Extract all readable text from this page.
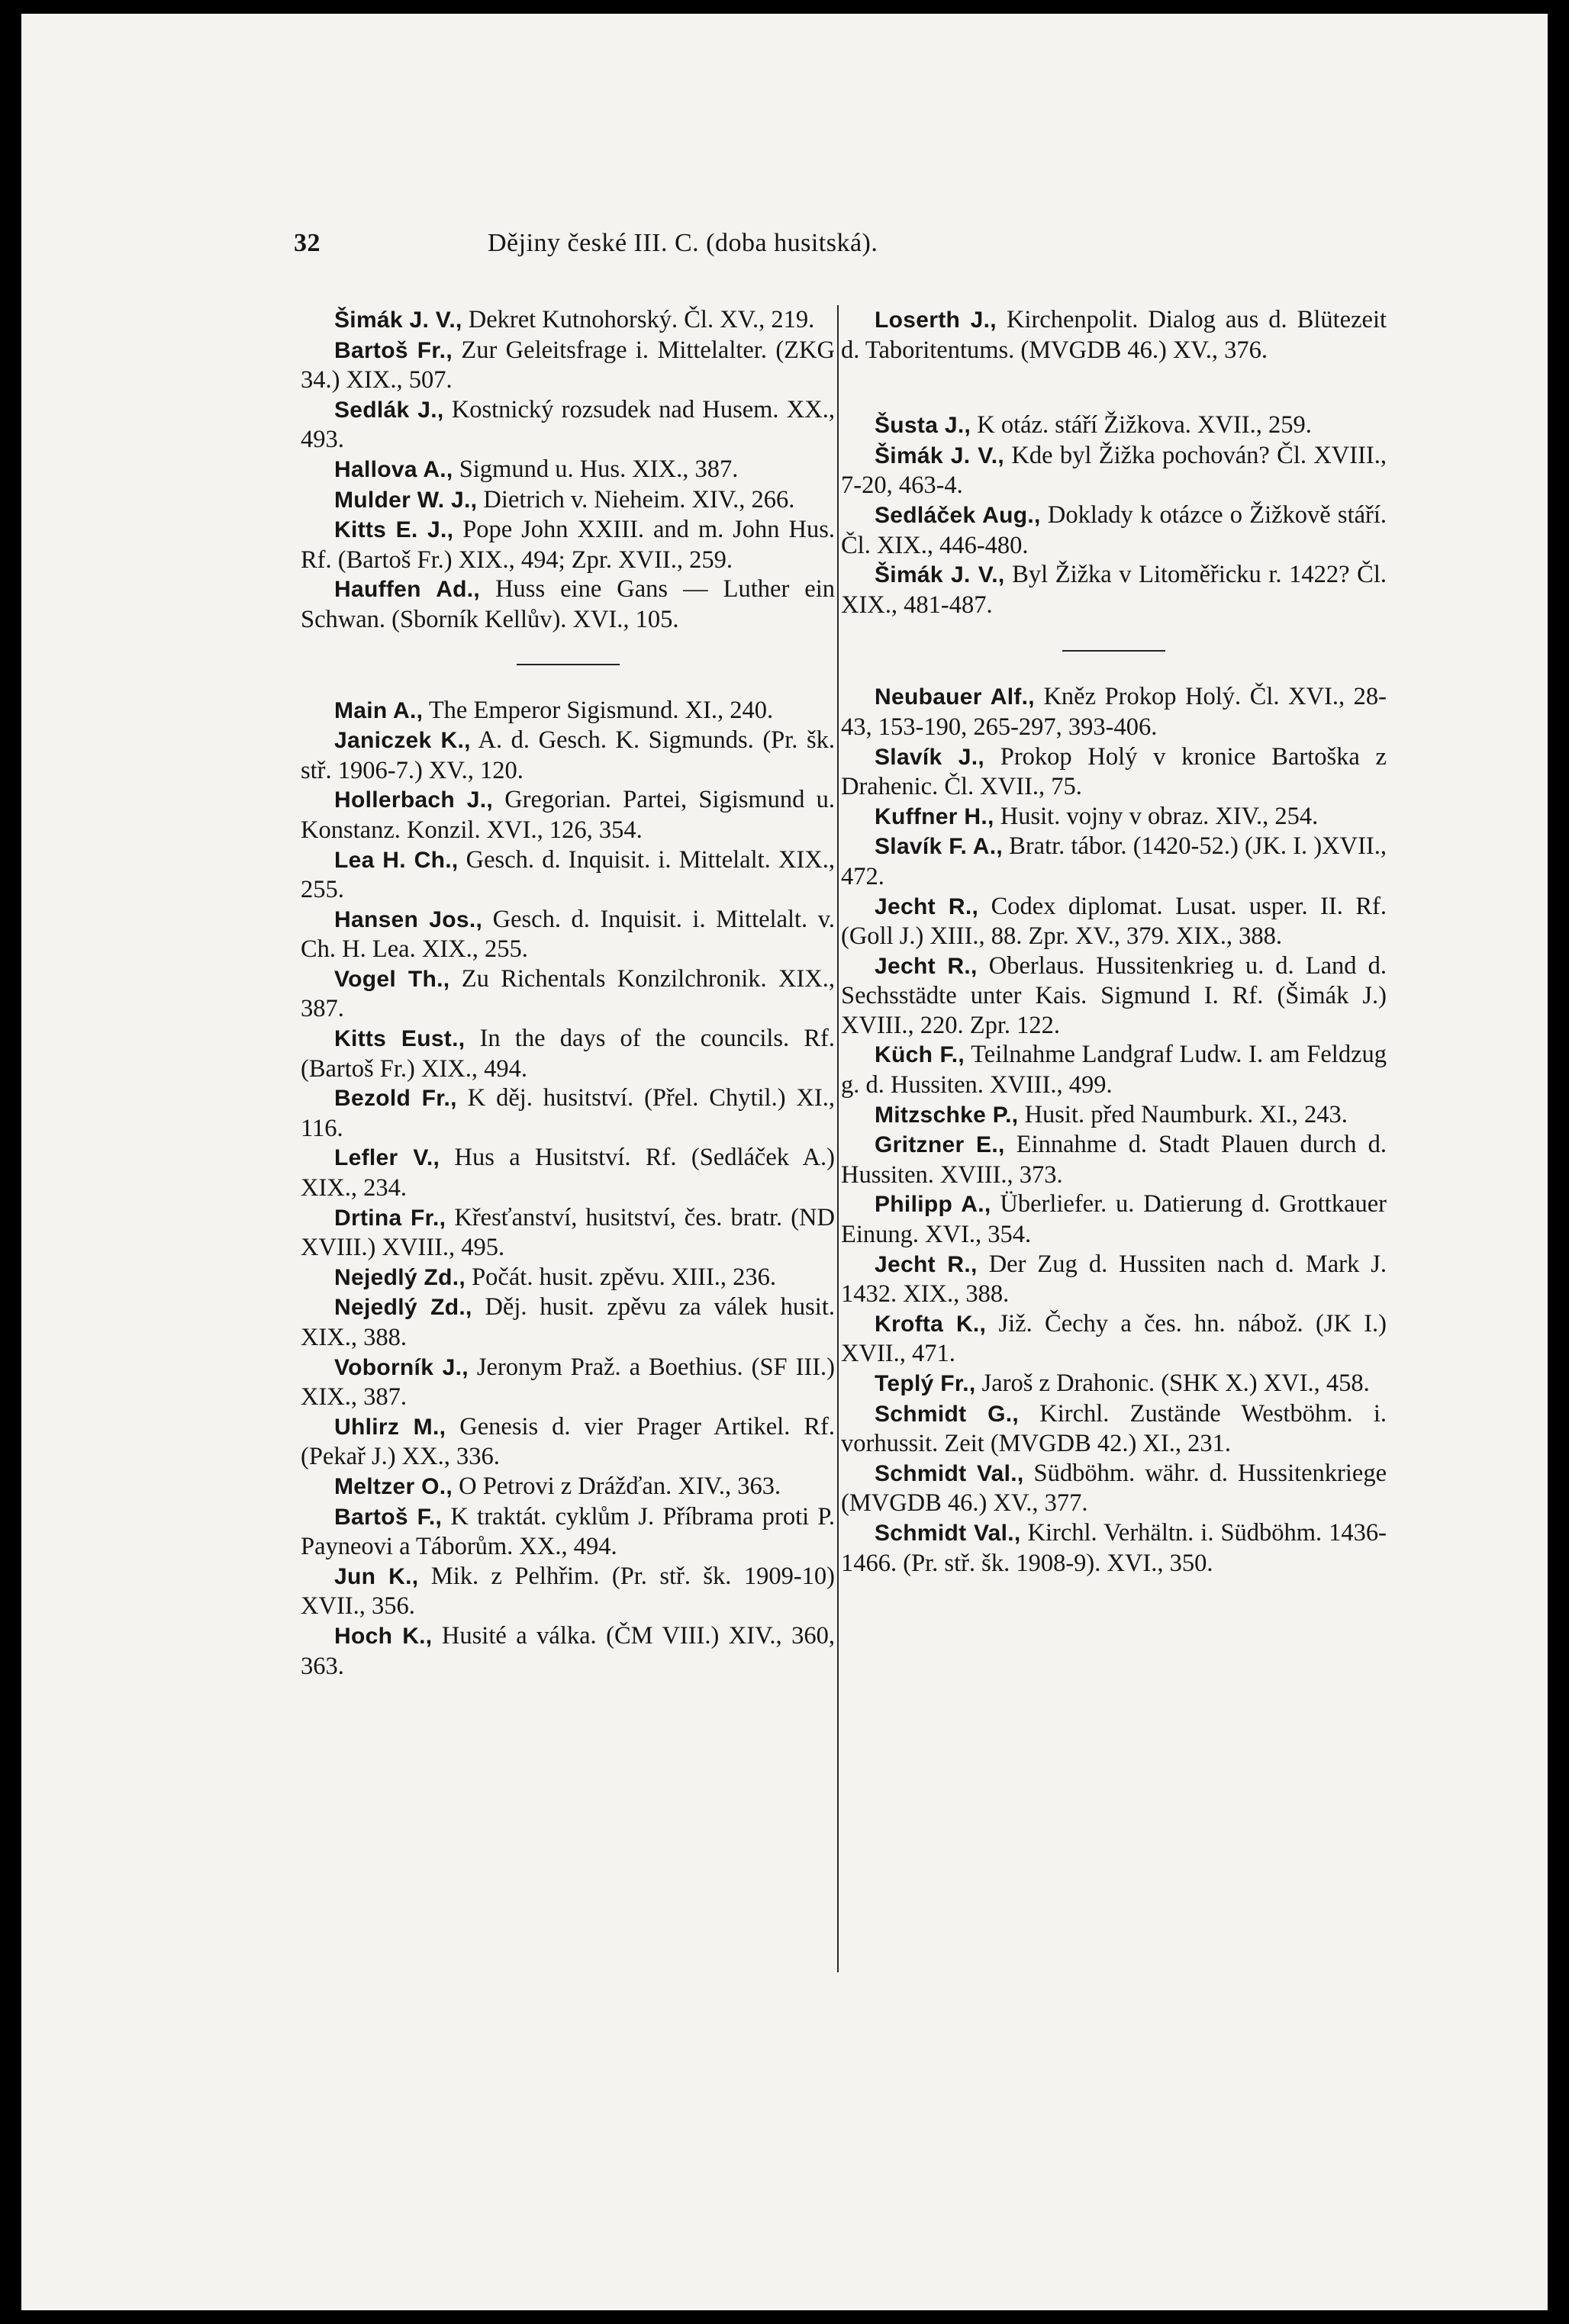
32	Dějiny české III. C. (doba husitská).

Šimák J. V., Dekret Kutnohorský. Čl. XV., 219.

Bartoš Fr., Zur Geleitsfrage i. Mittelalter. (ZKG 34.) XIX., 507.

Sedlák J., Kostnický rozsudek nad Husem. XX., 493.

Hallova A., Sigmund u. Hus. XIX., 387.

Mulder W. J., Dietrich v. Nieheim. XIV., 266.

Kitts E. J., Pope John XXIII. and m. John Hus. Rf. (Bartoš Fr.) XIX., 494; Zpr. XVII., 259.

Hauffen Ad., Huss eine Gans — Luther ein Schwan. (Sborník Kellův). XVI., 105.

Main A., The Emperor Sigismund. XI., 240.

Janiczek K., A. d. Gesch. K. Sigmunds. (Pr. šk. stř. 1906-7.) XV., 120.

Hollerbach J., Gregorian. Partei, Sigismund u. Konstanz. Konzil. XVI., 126, 354.

Lea H. Ch., Gesch. d. Inquisit. i. Mittelalt. XIX., 255.

Hansen Jos., Gesch. d. Inquisit. i. Mittelalt. v. Ch. H. Lea. XIX., 255.

Vogel Th., Zu Richentals Konzilchronik. XIX., 387.

Kitts Eust., In the days of the councils. Rf. (Bartoš Fr.) XIX., 494.

Bezold Fr., K děj. husitství. (Přel. Chytil.) XI., 116.

Lefler V., Hus a Husitství. Rf. (Sedláček A.) XIX., 234.

Drtina Fr., Křesťanství, husitství, čes. bratr. (ND XVIII.) XVIII., 495.

Nejedlý Zd., Počát. husit. zpěvu. XIII., 236.

Nejedlý Zd., Děj. husit. zpěvu za válek husit. XIX., 388.

Voborník J., Jeronym Praž. a Boethius. (SF III.) XIX., 387.

Uhlirz M., Genesis d. vier Prager Artikel. Rf. (Pekař J.) XX., 336.

Meltzer O., O Petrovi z Drážďan. XIV., 363.

Bartoš F., K traktát. cyklům J. Příbrama proti P. Payneovi a Táborům. XX., 494.

Jun K., Mik. z Pelhřim. (Pr. stř. šk. 1909-10) XVII., 356.

Hoch K., Husité a válka. (ČM VIII.) XIV., 360, 363.

Loserth J., Kirchenpolit. Dialog aus d. Blütezeit d. Taboritentums. (MVGDB 46.) XV., 376.

Šusta J., K otáz. stáří Žižkova. XVII., 259.

Šimák J. V., Kde byl Žižka pochován? Čl. XVIII., 7-20, 463-4.

Sedláček Aug., Doklady k otázce o Žižkově stáří. Čl. XIX., 446-480.

Šimák J. V., Byl Žižka v Litoměřicku r. 1422? Čl. XIX., 481-487.

Neubauer Alf., Kněz Prokop Holý. Čl. XVI., 28-43, 153-190, 265-297, 393-406.

Slavík J., Prokop Holý v kronice Bartoška z Drahenic. Čl. XVII., 75.

Kuffner H., Husit. vojny v obraz. XIV., 254.

Slavík F. A., Bratr. tábor. (1420-52.) (JK. I. )XVII., 472.

Jecht R., Codex diplomat. Lusat. usper. II. Rf. (Goll J.) XIII., 88. Zpr. XV., 379. XIX., 388.

Jecht R., Oberlaus. Hussitenkrieg u. d. Land d. Sechsstädte unter Kais. Sigmund I. Rf. (Šimák J.) XVIII., 220. Zpr. 122.

Küch F., Teilnahme Landgraf Ludw. I. am Feldzug g. d. Hussiten. XVIII., 499.

Mitzschke P., Husit. před Naumburk. XI., 243.

Gritzner E., Einnahme d. Stadt Plauen durch d. Hussiten. XVIII., 373.

Philipp A., Überliefer. u. Datierung d. Grottkauer Einung. XVI., 354.

Jecht R., Der Zug d. Hussiten nach d. Mark J. 1432. XIX., 388.

Krofta K., Již. Čechy a čes. hn. nábož. (JK I.) XVII., 471.

Teplý Fr., Jaroš z Drahonic. (SHK X.) XVI., 458.

Schmidt G., Kirchl. Zustände Westböhm. i. vorhussit. Zeit (MVGDB 42.) XI., 231.

Schmidt Val., Südböhm. währ. d. Hussitenkriege (MVGDB 46.) XV., 377.

Schmidt Val., Kirchl. Verhältn. i. Südböhm. 1436-1466. (Pr. stř. šk. 1908-9). XVI., 350.
